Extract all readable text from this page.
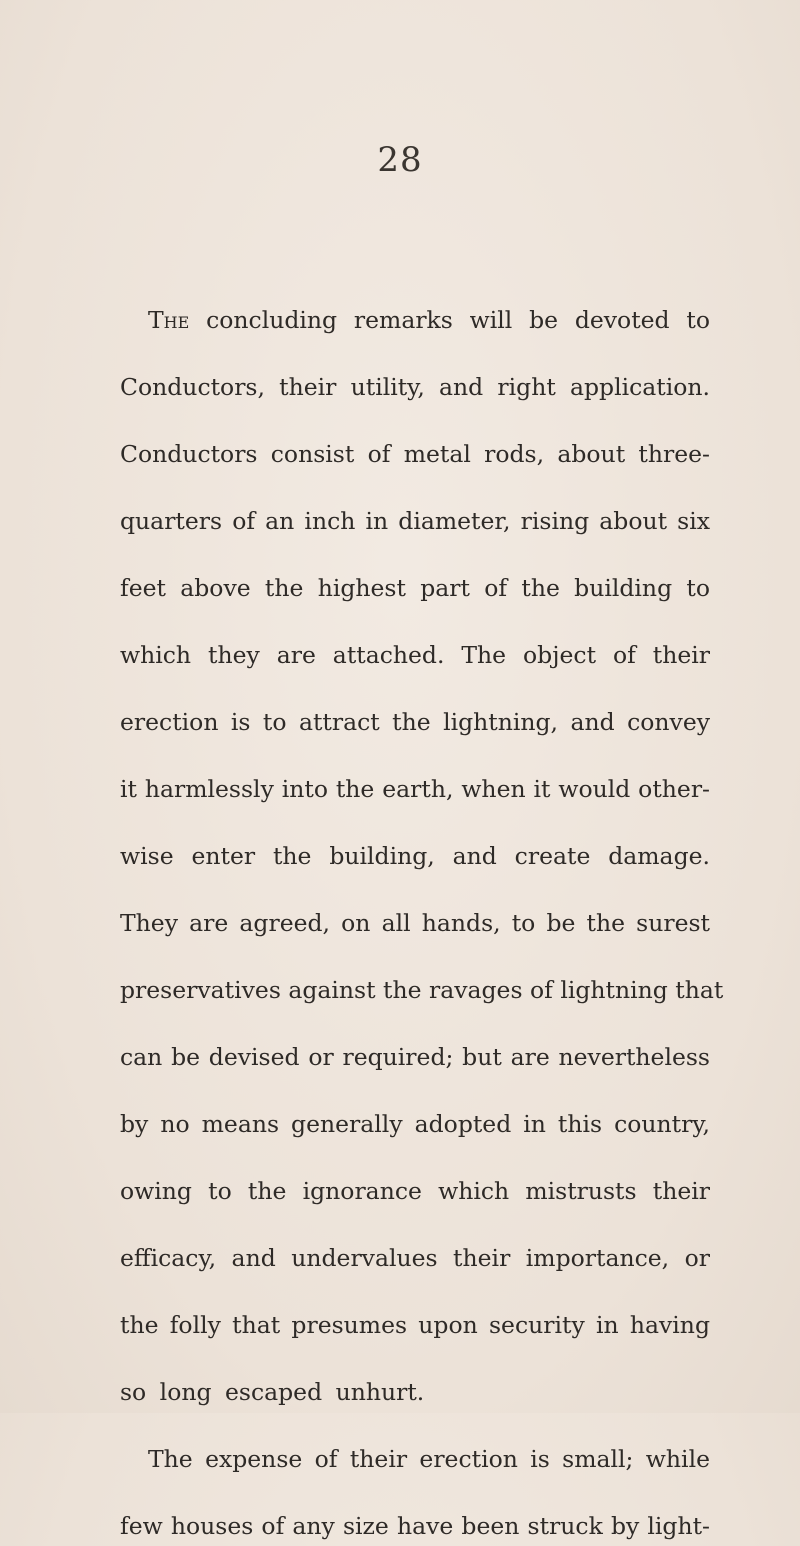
28
The concluding remarks will be devoted to
Conductors, their utility, and right application.
Conductors consist of metal rods, about three-
quarters of an inch in diameter, rising about six
feet above the highest part of the building to
which they are attached. The object of their
erection is to attract the lightning, and convey
it harmlessly into the earth, when it would other-
wise enter the building, and create damage.
They are agreed, on all hands, to be the surest
preservatives against the ravages of lightning that
can be devised or required; but are nevertheless
by no means generally adopted in this country,
owing to the ignorance which mistrusts their
efficacy, and undervalues their importance, or
the folly that presumes upon security in having
so long escaped unhurt.
The expense of their erection is small; while
few houses of any size have been struck by light-
